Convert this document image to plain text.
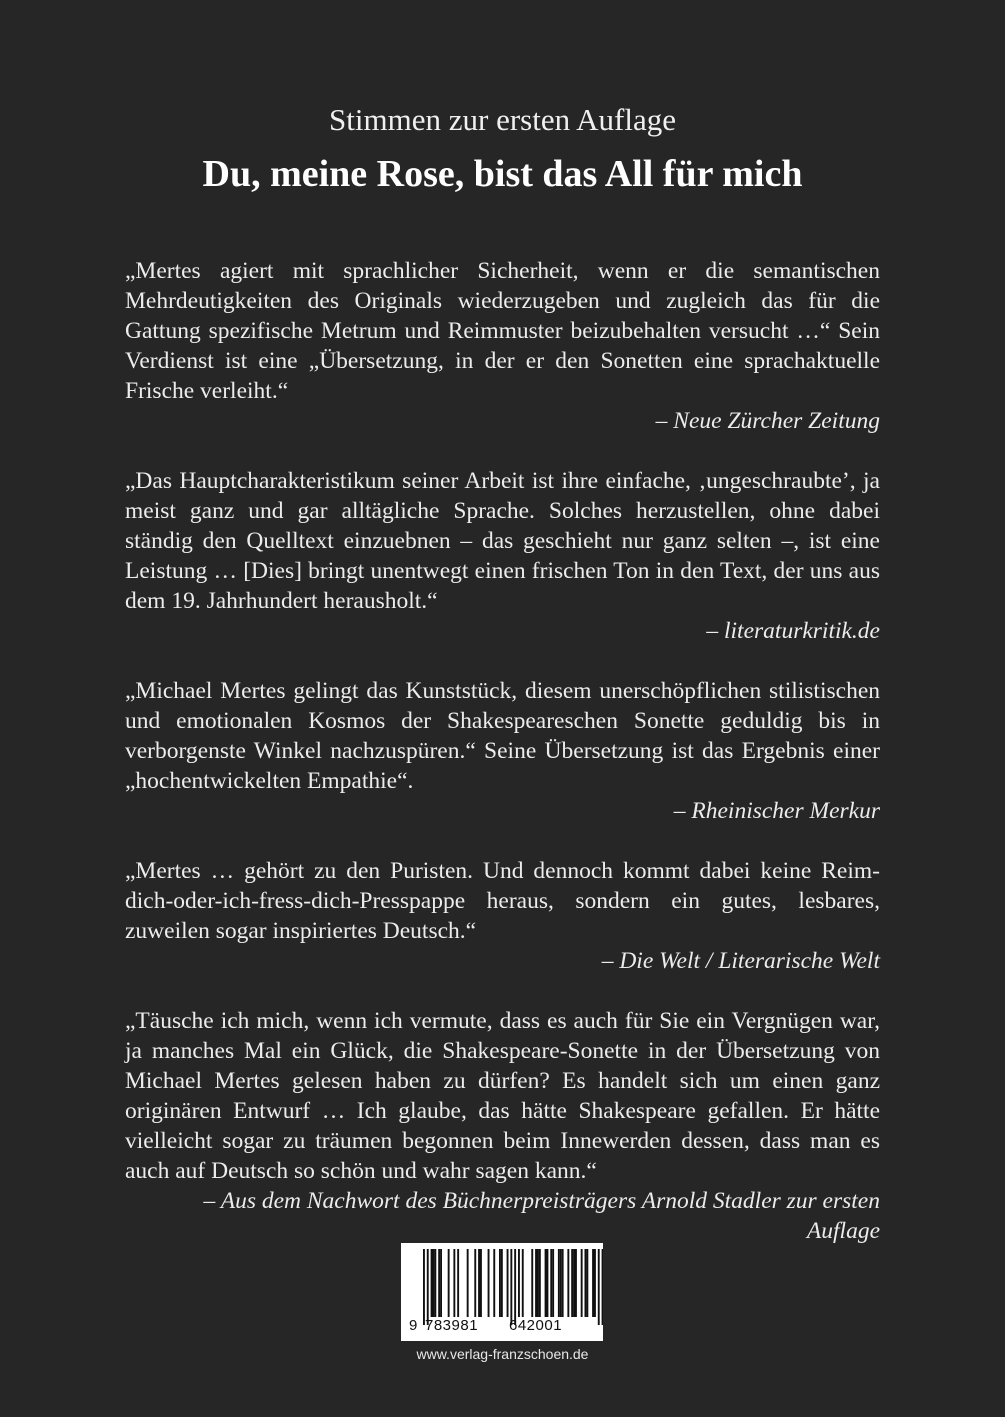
Stimmen zur ersten Auflage
Du, meine Rose, bist das All für mich

„Mertes agiert mit sprachlicher Sicherheit, wenn er die semantischen Mehrdeutigkeiten des Originals wiederzugeben und zugleich das für die Gattung spezifische Metrum und Reimmuster beizubehalten versucht …“ Sein Verdienst ist eine „Übersetzung, in der er den Sonetten eine sprachaktuelle Frische verleiht.“

– Neue Zürcher Zeitung

„Das Hauptcharakteristikum seiner Arbeit ist ihre einfache, ‚ungeschraubte’, ja meist ganz und gar alltägliche Sprache. Solches herzustellen, ohne dabei ständig den Quelltext einzuebnen – das geschieht nur ganz selten –, ist eine Leistung … [Dies] bringt unentwegt einen frischen Ton in den Text, der uns aus dem 19. Jahrhundert herausholt.“

– literaturkritik.de

„Michael Mertes gelingt das Kunststück, diesem unerschöpflichen stilistischen und emotionalen Kosmos der Shakespeareschen Sonette geduldig bis in verborgenste Winkel nachzuspüren.“ Seine Übersetzung ist das Ergebnis einer „hochentwickelten Empathie“.

– Rheinischer Merkur

„Mertes … gehört zu den Puristen. Und dennoch kommt dabei keine Reim-dich-oder-ich-fress-dich-Presspappe heraus, sondern ein gutes, lesbares, zuweilen sogar inspiriertes Deutsch.“

– Die Welt / Literarische Welt

„Täusche ich mich, wenn ich vermute, dass es auch für Sie ein Vergnügen war, ja manches Mal ein Glück, die Shakespeare-Sonette in der Übersetzung von Michael Mertes gelesen haben zu dürfen? Es handelt sich um einen ganz originären Entwurf … Ich glaube, das hätte Shakespeare gefallen. Er hätte vielleicht sogar zu träumen begonnen beim Innewerden dessen, dass man es auch auf Deutsch so schön und wahr sagen kann.“

– Aus dem Nachwort des Büchnerpreisträgers Arnold Stadler zur ersten Auflage

9 783981 642001
www.verlag-franzschoen.de
